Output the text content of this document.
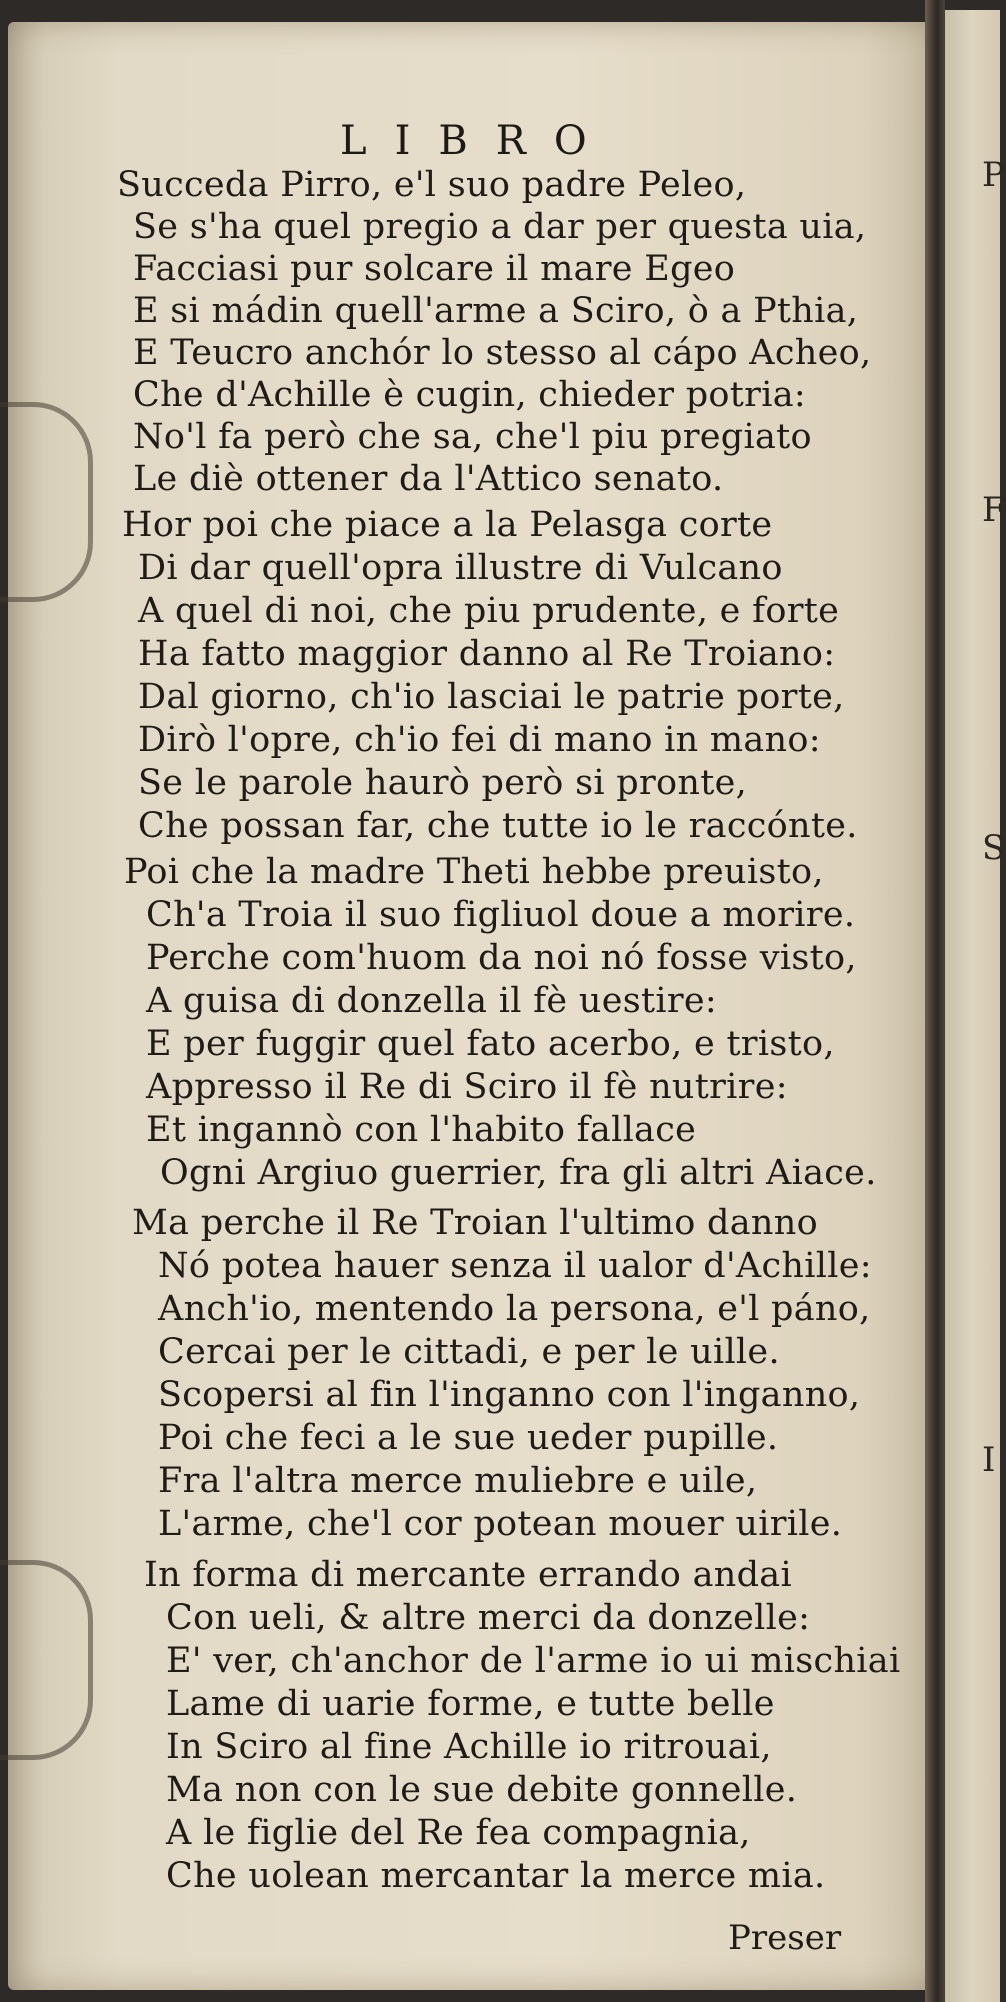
P
F
S
I
LIBRO
Succeda Pirro, e'l suo padre Peleo,
Se s'ha quel pregio a dar per questa uia,
Facciasi pur solcare il mare Egeo
E si mádin quell'arme a Sciro, ò a Pthia,
E Teucro anchór lo stesso al cápo Acheo,
Che d'Achille è cugin, chieder potria:
No'l fa però che sa, che'l piu pregiato
Le diè ottener da l'Attico senato.
Hor poi che piace a la Pelasga corte
Di dar quell'opra illustre di Vulcano
A quel di noi, che piu prudente, e forte
Ha fatto maggior danno al Re Troiano:
Dal giorno, ch'io lasciai le patrie porte,
Dirò l'opre, ch'io fei di mano in mano:
Se le parole haurò però si pronte,
Che possan far, che tutte io le raccónte.
Poi che la madre Theti hebbe preuisto,
Ch'a Troia il suo figliuol doue a morire.
Perche com'huom da noi nó fosse visto,
A guisa di donzella il fè uestire:
E per fuggir quel fato acerbo, e tristo,
Appresso il Re di Sciro il fè nutrire:
Et ingannò con l'habito fallace
Ogni Argiuo guerrier, fra gli altri Aiace.
Ma perche il Re Troian l'ultimo danno
Nó potea hauer senza il ualor d'Achille:
Anch'io, mentendo la persona, e'l páno,
Cercai per le cittadi, e per le uille.
Scopersi al fin l'inganno con l'inganno,
Poi che feci a le sue ueder pupille.
Fra l'altra merce muliebre e uile,
L'arme, che'l cor potean mouer uirile.
In forma di mercante errando andai
Con ueli, & altre merci da donzelle:
E' ver, ch'anchor de l'arme io ui mischiai
Lame di uarie forme, e tutte belle
In Sciro al fine Achille io ritrouai,
Ma non con le sue debite gonnelle.
A le figlie del Re fea compagnia,
Che uolean mercantar la merce mia.
Preser
